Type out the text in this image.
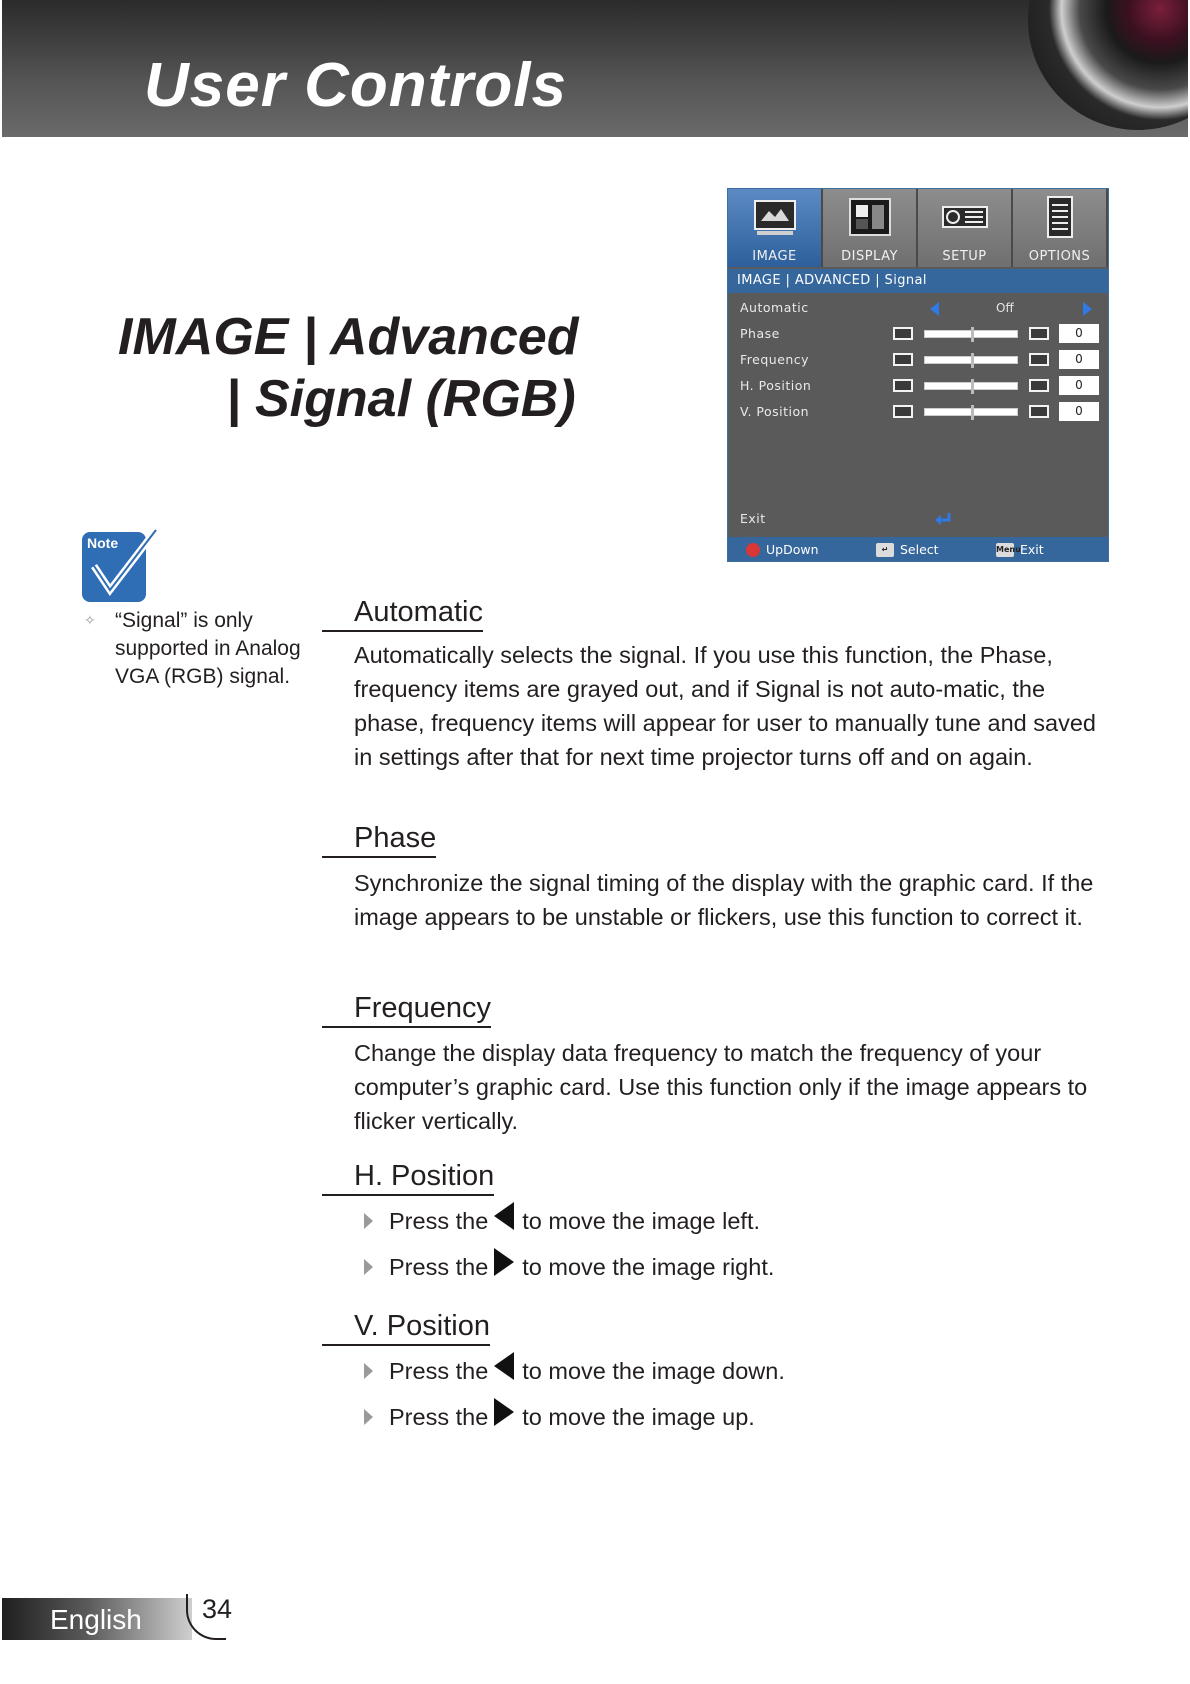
User Controls
IMAGE | Advanced
| Signal (RGB)
IMAGE	DISPLAY	SETUP	OPTIONS
IMAGE | ADVANCED | Signal
Automatic	Off
Phase	0
Frequency	0
H. Position	0
V. Position	0
Exit
UpDown	↵ Select	Menu Exit
Note
✧ “Signal” is only supported in Analog VGA (RGB) signal.
Automatic
Automatically selects the signal. If you use this function, the Phase, frequency items are grayed out, and if Signal is not auto-matic, the phase, frequency items will appear for user to manually tune and saved in settings after that for next time projector turns off and on again.
Phase
Synchronize the signal timing of the display with the graphic card. If the image appears to be unstable or flickers, use this function to correct it.
Frequency
Change the display data frequency to match the frequency of your computer’s graphic card. Use this function only if the image appears to flicker vertically.
H. Position
Press the to move the image left.
Press the to move the image right.
V. Position
Press the to move the image down.
Press the to move the image up.
English 34
